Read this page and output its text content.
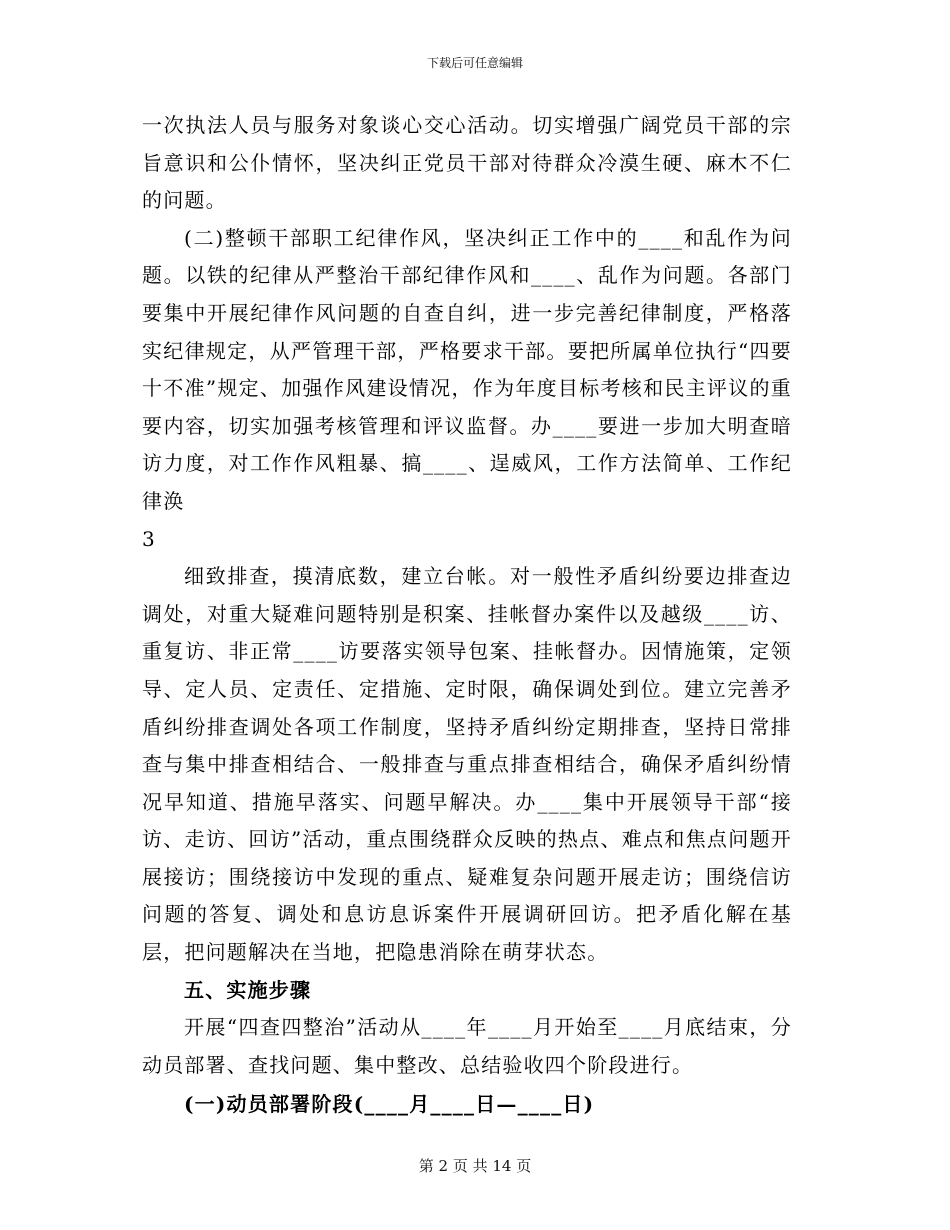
下载后可任意编辑

一次执法人员与服务对象谈心交心活动。切实增强广阔党员干部的宗旨意识和公仆情怀，坚决纠正党员干部对待群众冷漠生硬、麻木不仁的问题。

(二)整顿干部职工纪律作风，坚决纠正工作中的____和乱作为问题。以铁的纪律从严整治干部纪律作风和____、乱作为问题。各部门要集中开展纪律作风问题的自查自纠，进一步完善纪律制度，严格落实纪律规定，从严管理干部，严格要求干部。要把所属单位执行“四要十不准”规定、加强作风建设情况，作为年度目标考核和民主评议的重要内容，切实加强考核管理和评议监督。办____要进一步加大明查暗访力度，对工作作风粗暴、搞____、逞威风，工作方法简单、工作纪律涣

3

细致排查，摸清底数，建立台帐。对一般性矛盾纠纷要边排查边调处，对重大疑难问题特别是积案、挂帐督办案件以及越级____访、重复访、非正常____访要落实领导包案、挂帐督办。因情施策，定领导、定人员、定责任、定措施、定时限，确保调处到位。建立完善矛盾纠纷排查调处各项工作制度，坚持矛盾纠纷定期排查，坚持日常排查与集中排查相结合、一般排查与重点排查相结合，确保矛盾纠纷情况早知道、措施早落实、问题早解决。办____集中开展领导干部“接访、走访、回访”活动，重点围绕群众反映的热点、难点和焦点问题开展接访；围绕接访中发现的重点、疑难复杂问题开展走访；围绕信访问题的答复、调处和息访息诉案件开展调研回访。把矛盾化解在基层，把问题解决在当地，把隐患消除在萌芽状态。

五、实施步骤

开展“四查四整治”活动从____年____月开始至____月底结束，分动员部署、查找问题、集中整改、总结验收四个阶段进行。

(一)动员部署阶段(____月____日—____日)

第 2 页 共 14 页
